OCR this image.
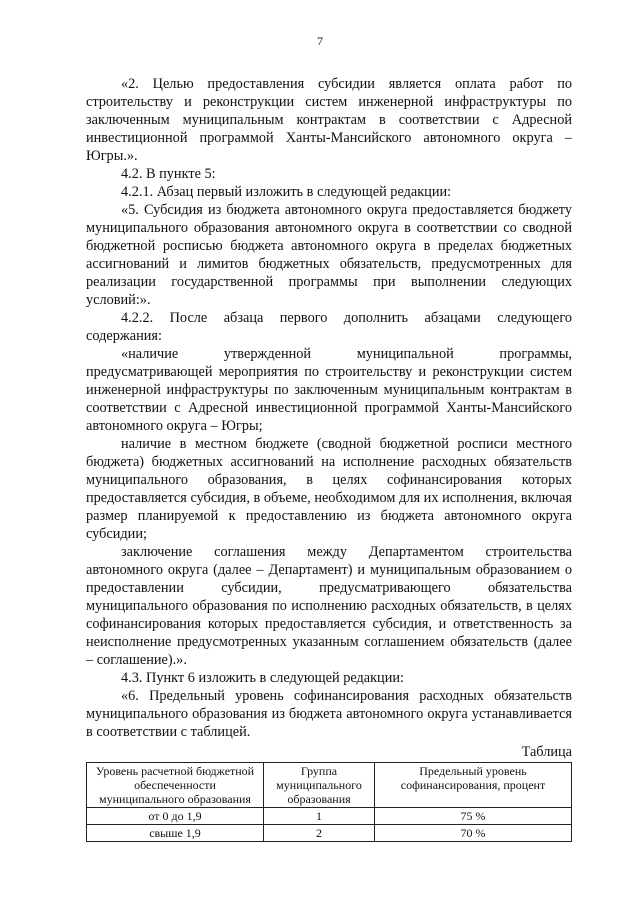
7

«2. Целью предоставления субсидии является оплата работ по строительству и реконструкции систем инженерной инфраструктуры по заключенным муниципальным контрактам в соответствии с Адресной инвестиционной программой Ханты-Мансийского автономного округа – Югры.».

4.2. В пункте 5:

4.2.1. Абзац первый изложить в следующей редакции:

«5. Субсидия из бюджета автономного округа предоставляется бюджету муниципального образования автономного округа в соответствии со сводной бюджетной росписью бюджета автономного округа в пределах бюджетных ассигнований и лимитов бюджетных обязательств, предусмотренных для реализации государственной программы при выполнении следующих условий:».

4.2.2. После абзаца первого дополнить абзацами следующего содержания:

«наличие утвержденной муниципальной программы, предусматривающей мероприятия по строительству и реконструкции систем инженерной инфраструктуры по заключенным муниципальным контрактам в соответствии с Адресной инвестиционной программой Ханты-Мансийского автономного округа – Югры;

наличие в местном бюджете (сводной бюджетной росписи местного бюджета) бюджетных ассигнований на исполнение расходных обязательств муниципального образования, в целях софинансирования которых предоставляется субсидия, в объеме, необходимом для их исполнения, включая размер планируемой к предоставлению из бюджета автономного округа субсидии;

заключение соглашения между Департаментом строительства автономного округа (далее – Департамент) и муниципальным образованием о предоставлении субсидии, предусматривающего обязательства муниципального образования по исполнению расходных обязательств, в целях софинансирования которых предоставляется субсидия, и ответственность за неисполнение предусмотренных указанным соглашением обязательств (далее – соглашение).».

4.3. Пункт 6 изложить в следующей редакции:

«6. Предельный уровень софинансирования расходных обязательств муниципального образования из бюджета автономного округа устанавливается в соответствии с таблицей.

Таблица
Уровень расчетной бюджетной обеспеченности муниципального образования	Группа муниципального образования	Предельный уровень софинансирования, процент
от 0 до 1,9	1	75 %
свыше 1,9	2	70 %
